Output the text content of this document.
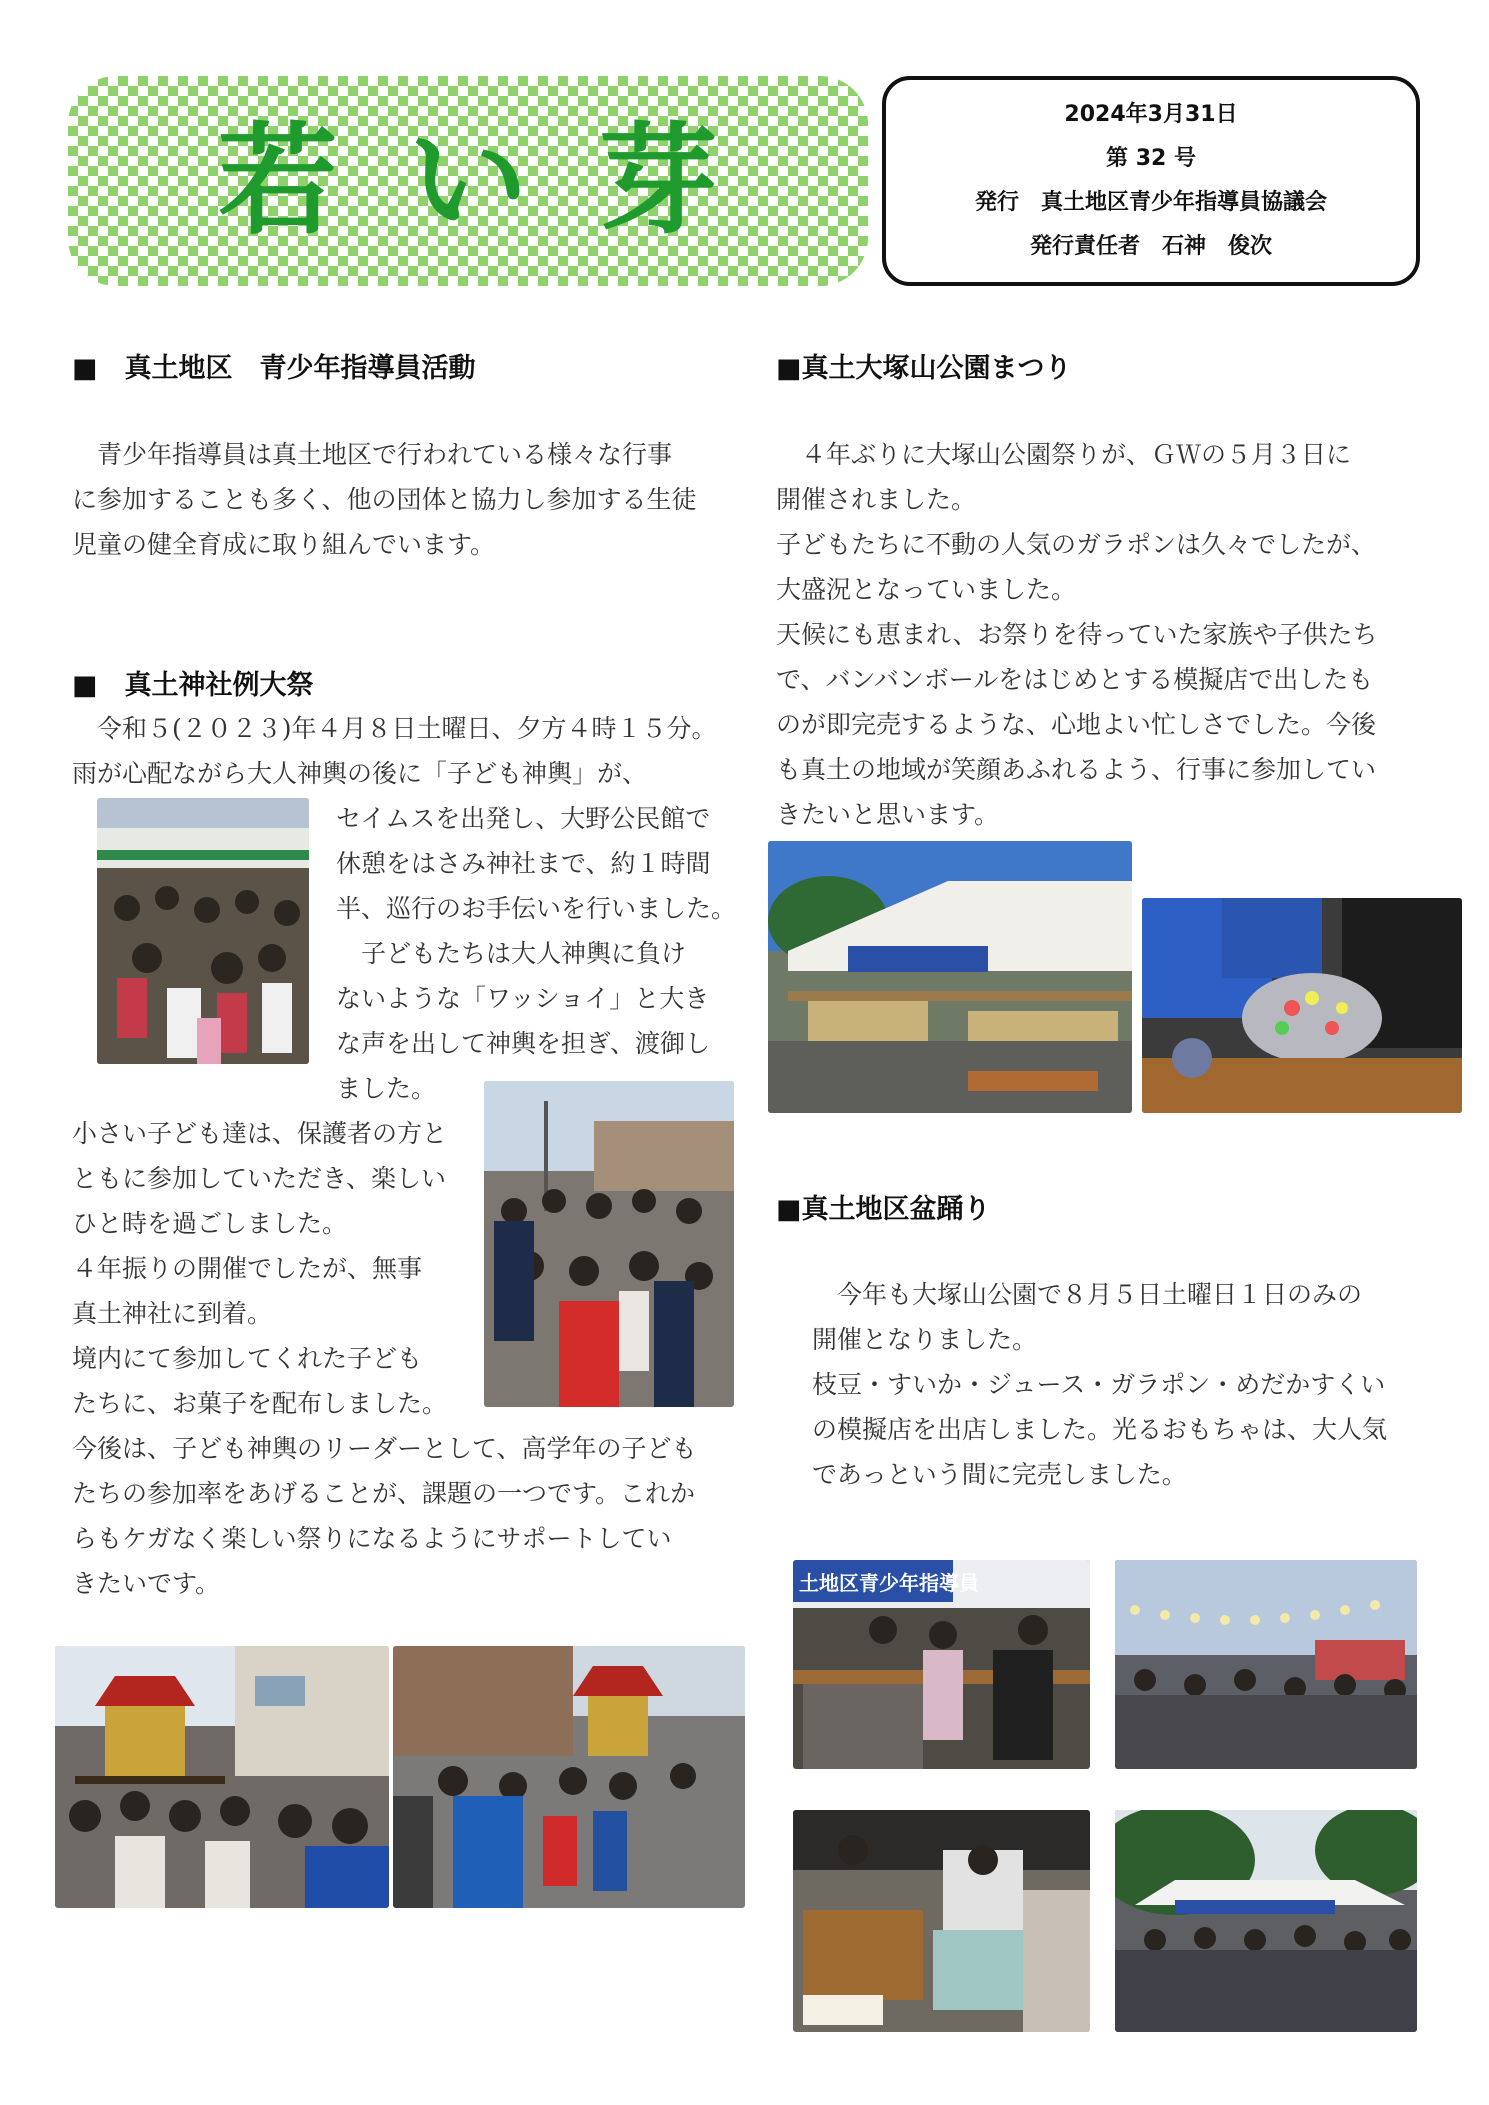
若い芽	2024年3月31日
第 32 号
発行　真土地区青少年指導員協議会
発行責任者　石神　俊次
■　真土地区　青少年指導員活動

　青少年指導員は真土地区で行われている様々な行事

に参加することも多く、他の団体と協力し参加する生徒

児童の健全育成に取り組んでいます。

■　真土神社例大祭

　令和５(２０２３)年４月８日土曜日、夕方４時１５分。

雨が心配ながら大人神輿の後に「子ども神輿」が、

セイムスを出発し、大野公民館で

休憩をはさみ神社まで、約１時間

半、巡行のお手伝いを行いました。

　子どもたちは大人神輿に負け

ないような「ワッショイ」と大き

な声を出して神輿を担ぎ、渡御し

ました。

小さい子ども達は、保護者の方と

ともに参加していただき、楽しい

ひと時を過ごしました。

４年振りの開催でしたが、無事

真土神社に到着。

境内にて参加してくれた子ども

たちに、お菓子を配布しました。

今後は、子ども神輿のリーダーとして、高学年の子ども

たちの参加率をあげることが、課題の一つです。これか

らもケガなく楽しい祭りになるようにサポートしてい

きたいです。

■真土大塚山公園まつり

　４年ぶりに大塚山公園祭りが、ＧＷの５月３日に

開催されました。

子どもたちに不動の人気のガラポンは久々でしたが、

大盛況となっていました。

天候にも恵まれ、お祭りを待っていた家族や子供たち

で、バンバンボールをはじめとする模擬店で出したも

のが即完売するような、心地よい忙しさでした。今後

も真土の地域が笑顔あふれるよう、行事に参加してい

きたいと思います。

■真土地区盆踊り

　今年も大塚山公園で８月５日土曜日１日のみの

開催となりました。

枝豆・すいか・ジュース・ガラポン・めだかすくい

の模擬店を出店しました。光るおもちゃは、大人気

であっという間に完売しました。

土地区青少年指導員
